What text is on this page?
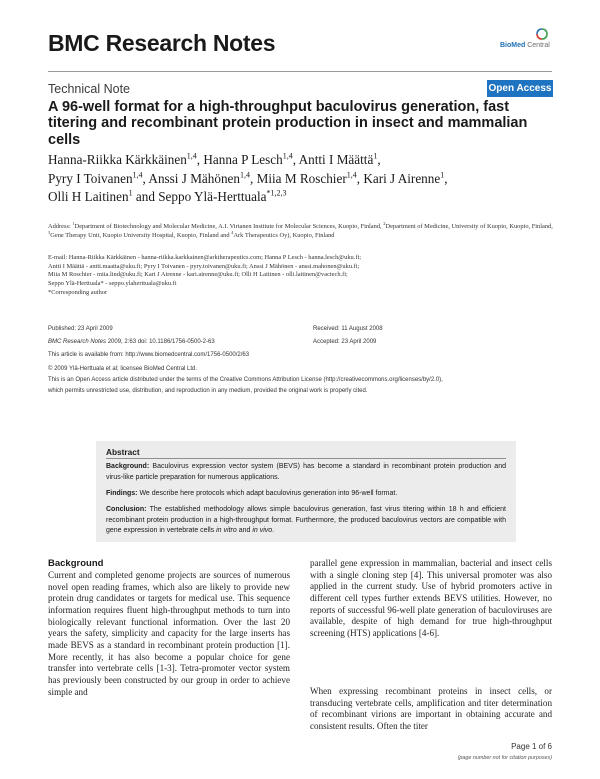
BMC Research Notes	BioMed Central
Technical Note	Open Access
A 96-well format for a high-throughput baculovirus generation, fast titering and recombinant protein production in insect and mammalian cells
Hanna-Riikka Kärkkäinen$^{1,4}$, Hanna P Lesch$^{1,4}$, Antti I Määttä$^1$,
Pyry I Toivanen$^{1,4}$, Anssi J Mähönen$^{1,4}$, Miia M Roschier$^{1,4}$, Kari J Airenne$^1$,
Olli H Laitinen$^1$ and Seppo Ylä-Herttuala$^{*1,2,3}$
Address: $^1$Department of Biotechnology and Molecular Medicine, A.I. Virtanen Institute for Molecular Sciences, Kuopio, Finland, $^2$Department of Medicine, University of Kuopio, Kuopio, Finland, $^3$Gene Therapy Unit, Kuopio University Hospital, Kuopio, Finland and $^4$Ark Therapeutics Oy), Kuopio, Finland
E-mail: Hanna-Riikka Kärkkäinen - hanna-riikka.karkkainen@arktherapeutics.com; Hanna P Lesch - hanna.lesch@uku.fi;
Antti I Määttä - antti.maatta@uku.fi; Pyry I Toivanen - pyry.toivanen@uku.fi; Anssi J Mähönen - anssi.mahonen@uku.fi;
Miia M Roschier - miia.lind@uku.fi; Kari J Airenne - kari.airenne@uku.fi; Olli H Laitinen - olli.laitinen@vactech.fi;
Seppo Ylä-Herttuala* - seppo.ylaherttuala@uku.fi
*Corresponding author
Published: 23 April 2009	Received: 11 August 2008
BMC Research Notes 2009, 2:63 doi: 10.1186/1756-0500-2-63	Accepted: 23 April 2009
This article is available from: http://www.biomedcentral.com/1756-0500/2/63
© 2009 Ylä-Herttuala et al; licensee BioMed Central Ltd.
This is an Open Access article distributed under the terms of the Creative Commons Attribution License (http://creativecommons.org/licenses/by/2.0),
which permits unrestricted use, distribution, and reproduction in any medium, provided the original work is properly cited.
Abstract
Background: Baculovirus expression vector system (BEVS) has become a standard in recombinant protein production and virus-like particle preparation for numerous applications.
Findings: We describe here protocols which adapt baculovirus generation into 96-well format.
Conclusion: The established methodology allows simple baculovirus generation, fast virus titering within 18 h and efficient recombinant protein production in a high-throughput format. Furthermore, the produced baculovirus vectors are compatible with gene expression in vertebrate cells in vitro and in vivo.
Background
Current and completed genome projects are sources of numerous novel open reading frames, which also are likely to provide new protein drug candidates or targets for medical use. This sequence information requires fluent high-throughput methods to turn into biologically relevant functional information. Over the last 20 years the safety, simplicity and capacity for the large inserts has made BEVS as a standard in recombinant protein production [1]. More recently, it has also become a popular choice for gene transfer into vertebrate cells [1-3]. Tetra-promoter vector system has previously been constructed by our group in order to achieve simple and
parallel gene expression in mammalian, bacterial and insect cells with a single cloning step [4]. This universal promoter was also applied in the current study. Use of hybrid promoters active in different cell types further extends BEVS utilities. However, no reports of successful 96-well plate generation of baculoviruses are available, despite of high demand for true high-throughput screening (HTS) applications [4-6].
When expressing recombinant proteins in insect cells, or transducing vertebrate cells, amplification and titer determination of recombinant virions are important in obtaining accurate and consistent results. Often the titer
Page 1 of 6
(page number not for citation purposes)
